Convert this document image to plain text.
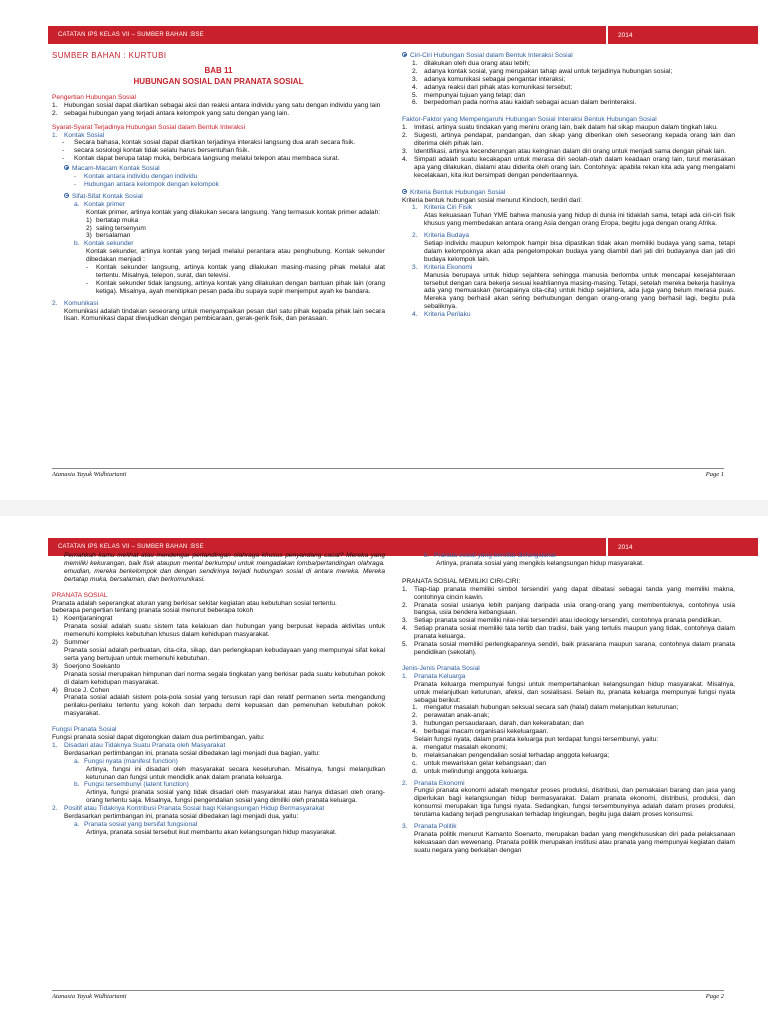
CATATAN IPS KELAS VII – SUMBER BAHAN :BSE	2014

SUMBER BAHAN : KURTUBI

BAB 11

HUBUNGAN SOSIAL DAN PRANATA SOSIAL

Pengertian Hubungan Sosial

1. Hubungan sosial dapat diartikan sebagai aksi dan reaksi antara individu yang satu dengan individu yang lain
2. sebagai hubungan yang terjadi antara kelompok yang satu dengan yang lain.

Syarat-Syarat Terjadinya Hubungan Sosial dalam Bentuk Interaksi

1. Kontak Sosial
-	Secara bahasa, kontak sosial dapat diartikan terjadinya interaksi langsung dua arah secara fisik.
-	secara sosiologi kontak tidak selalu harus bersentuhan fisik.
-	Kontak dapat berupa tatap muka, berbicara langsung melalui telepon atau membaca surat.
Macam-Macam Kontak Sosial
-	Kontak antara individu dengan individu
-	Hubungan antara kelompok dengan kelompok
Sifat-Sifat Kontak Sosial
a. Kontak primer

Kontak primer, artinya kontak yang dilakukan secara langsung. Yang termasuk kontak primer adalah:

1) bertatap muka
2) saling tersenyum
3) bersalaman
b. Kontak sekunder

Kontak sekunder, artinya kontak yang terjadi melalui perantara atau penghubung. Kontak sekunder dibedakan menjadi :

-	Kontak sekunder langsung, artinya kontak yang dilakukan masing-masing pihak melalui alat tertentu. Misalnya, telepon, surat, dan televisi.
-	Kontak sekunder tidak langsung, artinya kontak yang dilakukan dengan bantuan pihak lain (orang ketiga). Misalnya, ayah menitipkan pesan pada ibu supaya supir menjemput ayah ke bandara.
2. Komunikasi

Komunikasi adalah tindakan seseorang untuk menyampaikan pesan dari satu pihak kepada pihak lain secara lisan. Komunikasi dapat diwujudkan dengan pembicaraan, gerak-gerik fisik, dan perasaan.

Ciri-Ciri Hubungan Sosial dalam Bentuk Interaksi Sosial
1. dilakukan oleh dua orang atau lebih;
2. adanya kontak sosial, yang merupakan tahap awal untuk terjadinya hubungan sosial;
3. adanya komunikasi sebagai pengantar interaksi;
4. adanya reaksi dari pihak atas komunikasi tersebut;
5. mempunyai tujuan yang tetap; dan
6. berpedoman pada norma atau kaidah sebagai acuan dalam berinteraksi.

Faktor-Faktor yang Mempengaruhi Hubungan Sosial Interaksi Bentuk Hubungan Sosial

1. Imitasi, artinya suatu tindakan yang meniru orang lain, baik dalam hal sikap maupun dalam tingkah laku.
2. Sugesti, artinya pendapat, pandangan, dan sikap yang diberikan oleh seseorang kepada orang lain dan diterima oleh pihak lain.
3. Identifikasi, artinya kecenderungan atau keinginan dalam diri orang untuk menjadi sama dengan pihak lain.
4. Simpati adalah suatu kecakapan untuk merasa diri seolah-olah dalam keadaan orang lain, turut merasakan apa yang dilakukan, dialami atau diderita oleh orang lain. Contohnya: apabila rekan kita ada yang mengalami kecelakaan, kita ikut bersimpati dengan penderitaannya.
Kriteria Bentuk Hubungan Sosial

Kriteria bentuk hubungan sosial menurut Kincloch, terdiri dari:

1. Kriteria Ciri Fisik

Atas kekuasaan Tuhan YME bahwa manusia yang hidup di dunia ini tidaklah sama, tetapi ada ciri-ciri fisik khusus yang membedakan antara orang Asia dengan orang Eropa, begitu juga dengan orang Afrika.

2. Kriteria Budaya

Setiap individu maupun kelompok hampir bisa dipastikan tidak akan memiliki budaya yang sama, tetapi dalam kelompoknya akan ada pengelompokan budaya yang diambil dari jati diri budayanya dan jati diri budaya kelompok lain.

3. Kriteria Ekonomi

Manusia berupaya untuk hidup sejahtera sehingga manusia berlomba untuk mencapai kesejahteraan tersebut dengan cara bekerja sesuai keahliannya masing-masing. Tetapi, setelah mereka bekerja hasilnya ada yang memuaskan (tercapainya cita-cita) untuk hidup sejahtera, ada juga yang belum merasa puas. Mereka yang berhasil akan sering berhubungan dengan orang-orang yang berhasil lagi, begitu pula sebaliknya.

4. Kriteria Perilaku
Atanasia Yayuk Widhiartanti	Page 1
CATATAN IPS KELAS VII – SUMBER BAHAN :BSE	2014

Pernahkah kamu melihat atau mendengar pertandingan olahraga khusus penyandang cacat? Mereka yang memiliki kekurangan, baik fisik ataupun mental berkumpul untuk mengadakan lomba/pertandingan olahraga. emudian, mereka berkelompok dan dengan sendirinya terjadi hubungan sosial di antara mereka. Mereka bertatap muka, bersalaman, dan berkomunikasi.

PRANATA SOSIAL

Pranata adalah seperangkat aturan yang berkisar sekitar kegiatan atau kebutuhan sosial tertentu.

beberapa pengertian tentang pranata sosial menurut beberapa tokoh

1) Koentjaraningrat

Pranata sosial adalah suatu sistem tata kelakuan dan hubungan yang berpusat kepada aktivitas untuk memenuhi kompleks kebutuhan khusus dalam kehidupan masyarakat.

2) Summer

Pranata sosial adalah perbuatan, cita-cita, sikap, dan perlengkapan kebudayaan yang mempunyai sifat kekal serta yang bertujuan untuk memenuhi kebutuhan.

3) Soerjono Soekanto

Pranata sosial merupakan himpunan dari norma segala tingkatan yang berkisar pada suatu kebutuhan pokok di dalam kehidupan masyarakat.

4) Bruce J. Cohen

Pranata sosial adalah sistem pola-pola sosial yang tersusun rapi dan relatif permanen serta mengandung perilaku-perilaku tertentu yang kokoh dan terpadu demi kepuasan dan pemenuhan kebutuhan pokok masyarakat.

Fungsi Pranata Sosial

Fungsi pranata sosial dapat digolongkan dalam dua pertimbangan, yaitu:

1. Disadari atau Tidaknya Suatu Pranata oleh Masyarakat

Berdasarkan pertimbangan ini, pranata sosial dibedakan lagi menjadi dua bagian, yaitu:

a. Fungsi nyata (manifest function)

Artinya, fungsi ini disadari oleh masyarakat secara keseluruhan. Misalnya, fungsi melanjutkan keturunan dan fungsi untuk mendidik anak dalam pranata keluarga.

b. Fungsi tersembunyi (latent function)

Artinya, fungsi pranata sosial yang tidak disadari oleh masyarakat atau hanya didasari oleh orang-orang tertentu saja. Misalnya, fungsi pengendalian sosial yang dimiliki oleh pranata keluarga.

2. Positif atau Tidaknya Kontribusi Pranata Sosial bagi Kelangsungan Hidup Bermasyarakat

Berdasarkan pertimbangan ini, pranata sosial dibedakan lagi menjadi dua, yaitu:

a. Pranata sosial yang bersifat fungsional

Artinya, pranata sosial tersebut ikut membantu akan kelangsungan hidup masyarakat.

b. Pranata sosial yang bersifat disfungsional

Artinya, pranata sosial yang mengikis kelangsungan hidup masyarakat.

PRANATA SOSIAL MEMILIKI CIRI-CIRI:

1. Tiap-tiap pranata memiliki simbol tersendiri yang dapat dibatasi sebagai tanda yang memiliki makna, contohnya cincin kawin.
2. Pranata sosial usianya lebih panjang daripada usia orang-orang yang membentuknya, contohnya usia bangsa, usia bendera kebangsaan.
3. Setiap pranata sosial memiliki nilai-nilai tersendiri atau ideology tersendiri, contohnya pranata pendidikan.
4. Setiap pranata sosial memiliki tata tertib dan tradisi, baik yang tertulis maupun yang tidak, contohnya dalam pranata keluarga.
5. Pranata sosial memiliki perlengkapannya sendiri, baik prasarana maupun sarana, contohnya dalam pranata pendidikan (sekolah).

Jenis-Jenis Pranata Sosial

1. Pranata Keluarga

Pranata keluarga mempunyai fungsi untuk mempertahankan kelangsungan hidup masyarakat. Misalnya, untuk melanjutkan keturunan, afeksi, dan sosialisasi. Selain itu, pranata keluarga mempunyai fungsi nyata sebagai berikut:

1. mengatur masalah hubungan seksual secara sah (halal) dalam melanjutkan keturunan;
2. perawatan anak-anak;
3. hubungan persaudaraan, darah, dan kekerabatan; dan
4. berbagai macam organisasi kekeluargaan.

Selain fungsi nyata, dalam pranata keluarga pun terdapat fungsi tersembunyi, yaitu:

a. mengatur masalah ekonomi;
b. melaksanakan pengendalian sosial terhadap anggota keluarga;
c.	untuk mewariskan gelar kebangsaan; dan
d. untuk melindungi anggota keluarga.
2. Pranata Ekonomi

Fungsi pranata ekonomi adalah mengatur proses produksi, distribusi, dan pemakaian barang dan jasa yang diperlukan bagi kelangsungan hidup bermasyarakat. Dalam pranata ekonomi, distribusi, produksi, dan konsumsi merupakan tiga fungsi nyata. Sedangkan, fungsi tersembunyinya adalah dalam proses produksi, terutama kadang terjadi pengrusakan terhadap lingkungan, begitu juga dalam proses konsumsi.

3. Pranata Politik

Pranata politik menurut Kamanto Soenarto, merupakan badan yang mengkhususkan diri pada pelaksanaan kekuasaan dan wewenang. Pranata politik merupakan institusi atau pranata yang mempunyai kegiatan dalam suatu negara yang berkaitan dengan

Atanasia Yayuk Widhiartanti	Page 2
